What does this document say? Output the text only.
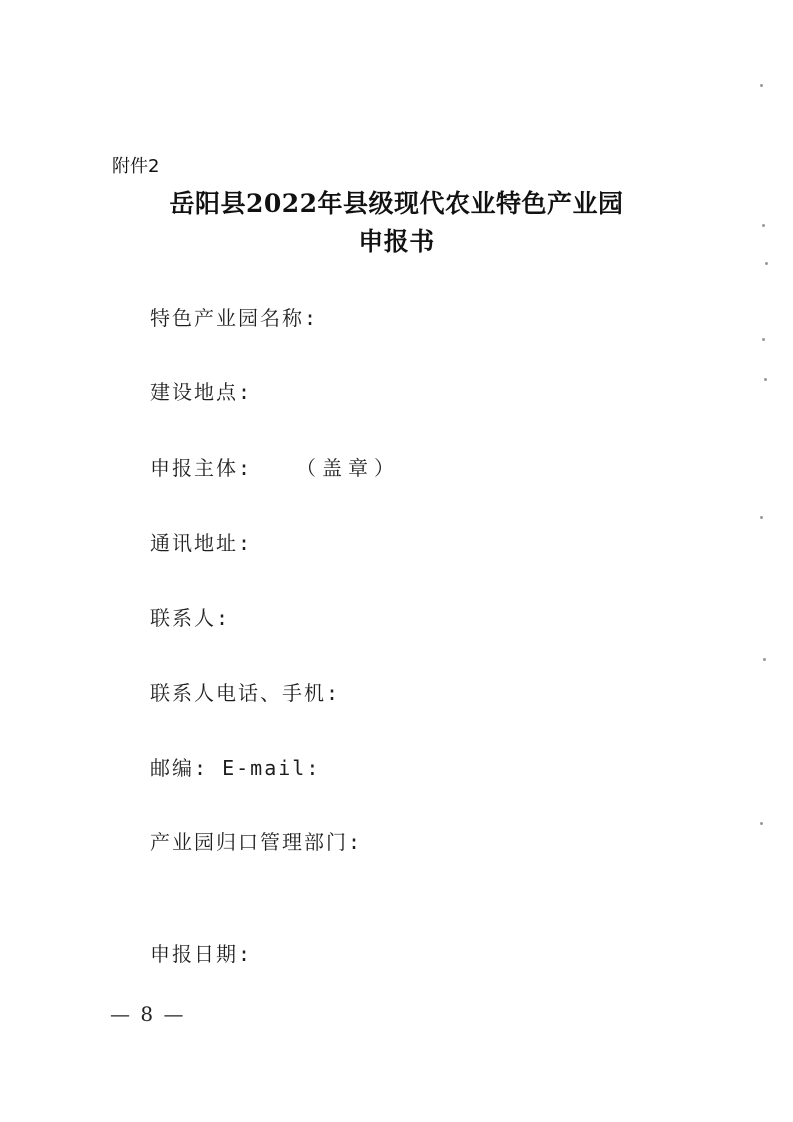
附件2
岳阳县2022年县级现代农业特色产业园
申报书
特色产业园名称:
建设地点:
申报主体: （盖章）
通讯地址:
联系人:
联系人电话、手机:
邮编: E-mail:
产业园归口管理部门:
申报日期:
— 8 —
